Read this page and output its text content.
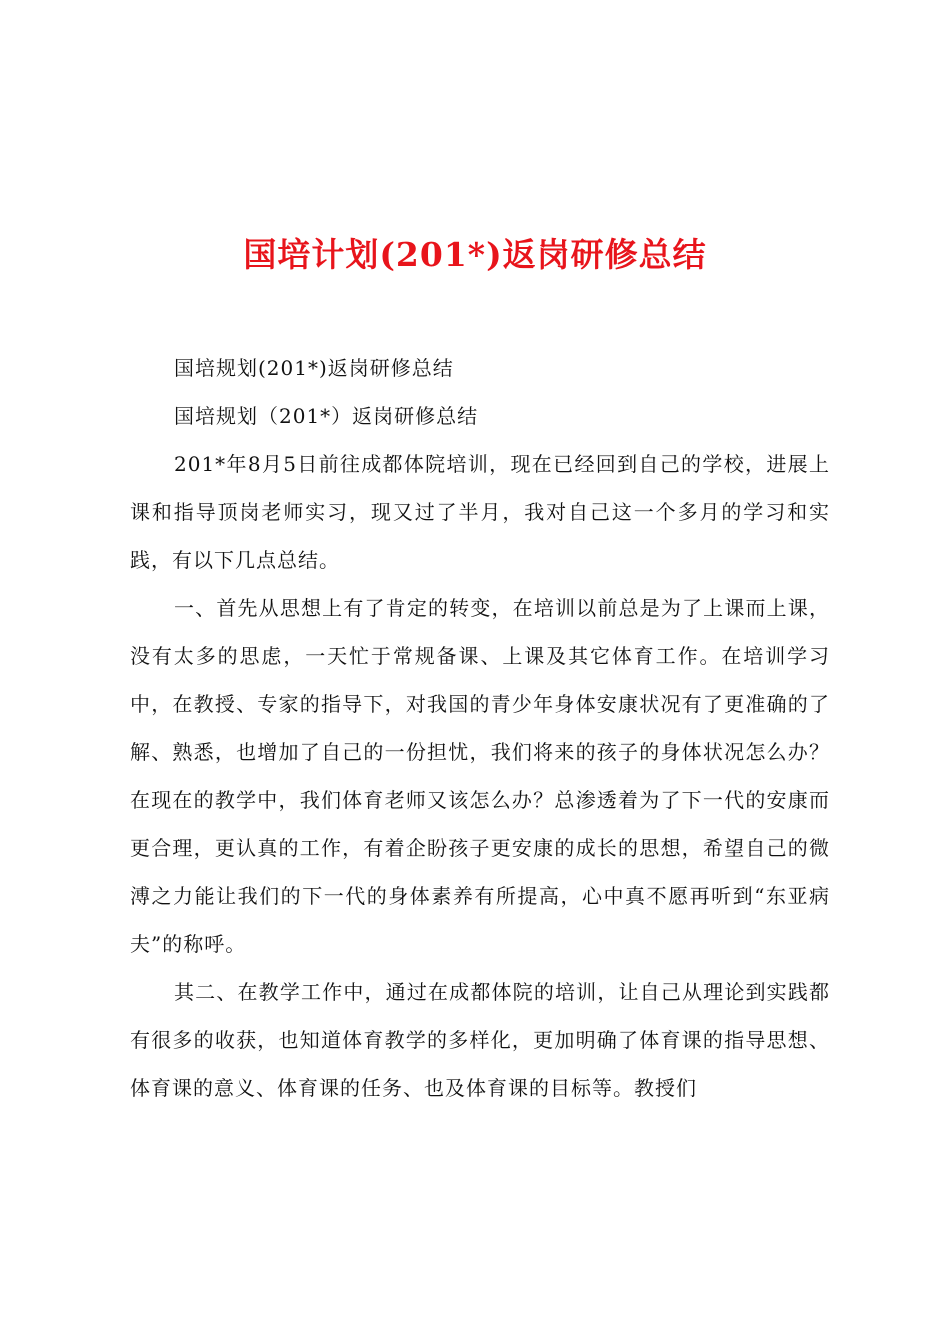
国培计划(201*)返岗研修总结

国培规划(201*)返岗研修总结

国培规划（201*）返岗研修总结

201*年8月5日前往成都体院培训，现在已经回到自己的学校，进展上课和指导顶岗老师实习，现又过了半月，我对自己这一个多月的学习和实践，有以下几点总结。

一、首先从思想上有了肯定的转变，在培训以前总是为了上课而上课，没有太多的思虑，一天忙于常规备课、上课及其它体育工作。在培训学习中，在教授、专家的指导下，对我国的青少年身体安康状况有了更准确的了解、熟悉，也增加了自己的一份担忧，我们将来的孩子的身体状况怎么办？在现在的教学中，我们体育老师又该怎么办？总渗透着为了下一代的安康而更合理，更认真的工作，有着企盼孩子更安康的成长的思想，希望自己的微溥之力能让我们的下一代的身体素养有所提高，心中真不愿再听到“东亚病夫”的称呼。

其二、在教学工作中，通过在成都体院的培训，让自己从理论到实践都有很多的收获，也知道体育教学的多样化，更加明确了体育课的指导思想、体育课的意义、体育课的任务、也及体育课的目标等。教授们
